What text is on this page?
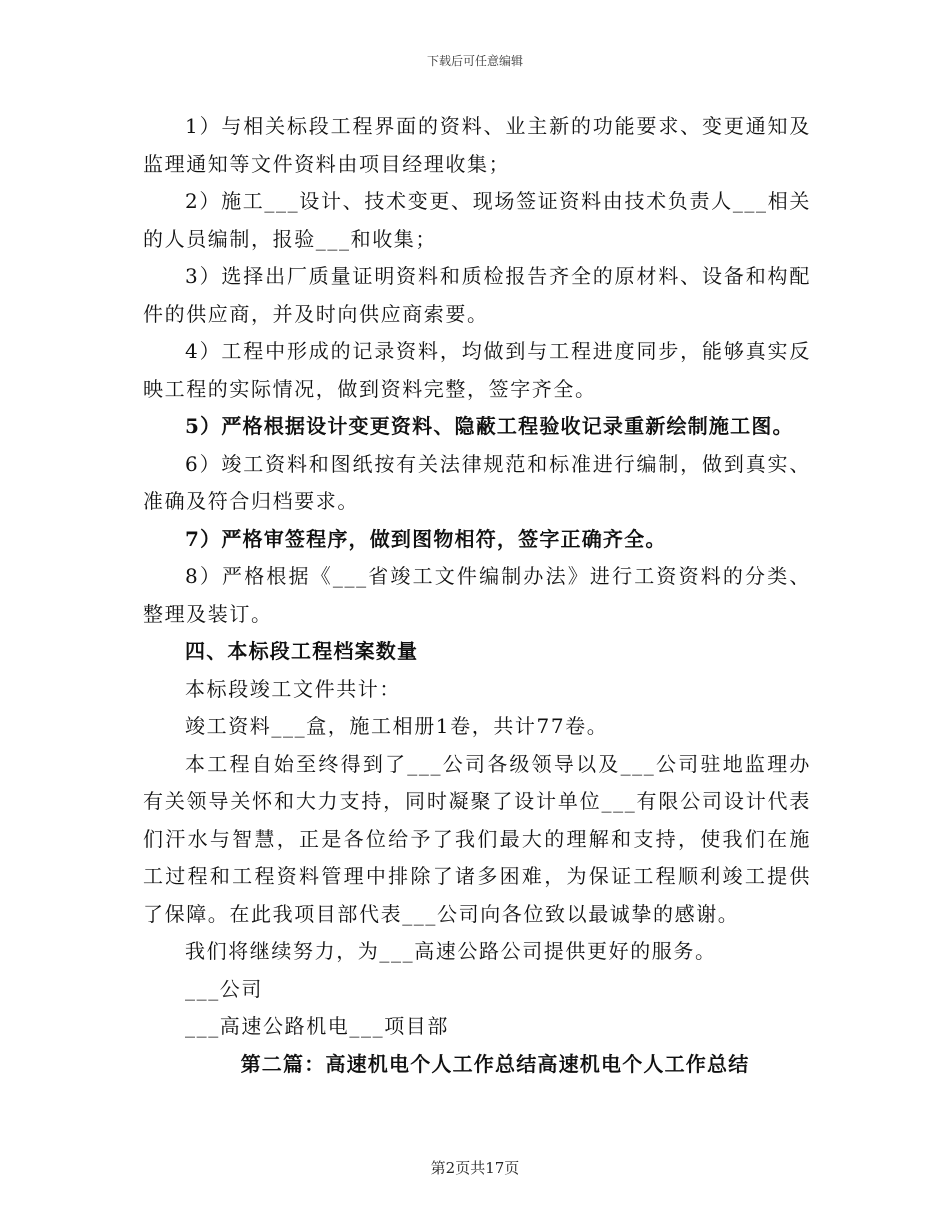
下载后可任意编辑

1）与相关标段工程界面的资料、业主新的功能要求、变更通知及监理通知等文件资料由项目经理收集；

2）施工___设计、技术变更、现场签证资料由技术负责人___相关的人员编制，报验___和收集；

3）选择出厂质量证明资料和质检报告齐全的原材料、设备和构配件的供应商，并及时向供应商索要。

4）工程中形成的记录资料，均做到与工程进度同步，能够真实反映工程的实际情况，做到资料完整，签字齐全。

5）严格根据设计变更资料、隐蔽工程验收记录重新绘制施工图。

6）竣工资料和图纸按有关法律规范和标准进行编制，做到真实、准确及符合归档要求。

7）严格审签程序，做到图物相符，签字正确齐全。

8）严格根据《___省竣工文件编制办法》进行工资资料的分类、整理及装订。

四、本标段工程档案数量

本标段竣工文件共计：

竣工资料___盒，施工相册1卷，共计77卷。

本工程自始至终得到了___公司各级领导以及___公司驻地监理办有关领导关怀和大力支持，同时凝聚了设计单位___有限公司设计代表们汗水与智慧，正是各位给予了我们最大的理解和支持，使我们在施工过程和工程资料管理中排除了诸多困难，为保证工程顺利竣工提供了保障。在此我项目部代表___公司向各位致以最诚挚的感谢。

我们将继续努力，为___高速公路公司提供更好的服务。

___公司

___高速公路机电___项目部

第二篇：高速机电个人工作总结高速机电个人工作总结

第2页共17页
